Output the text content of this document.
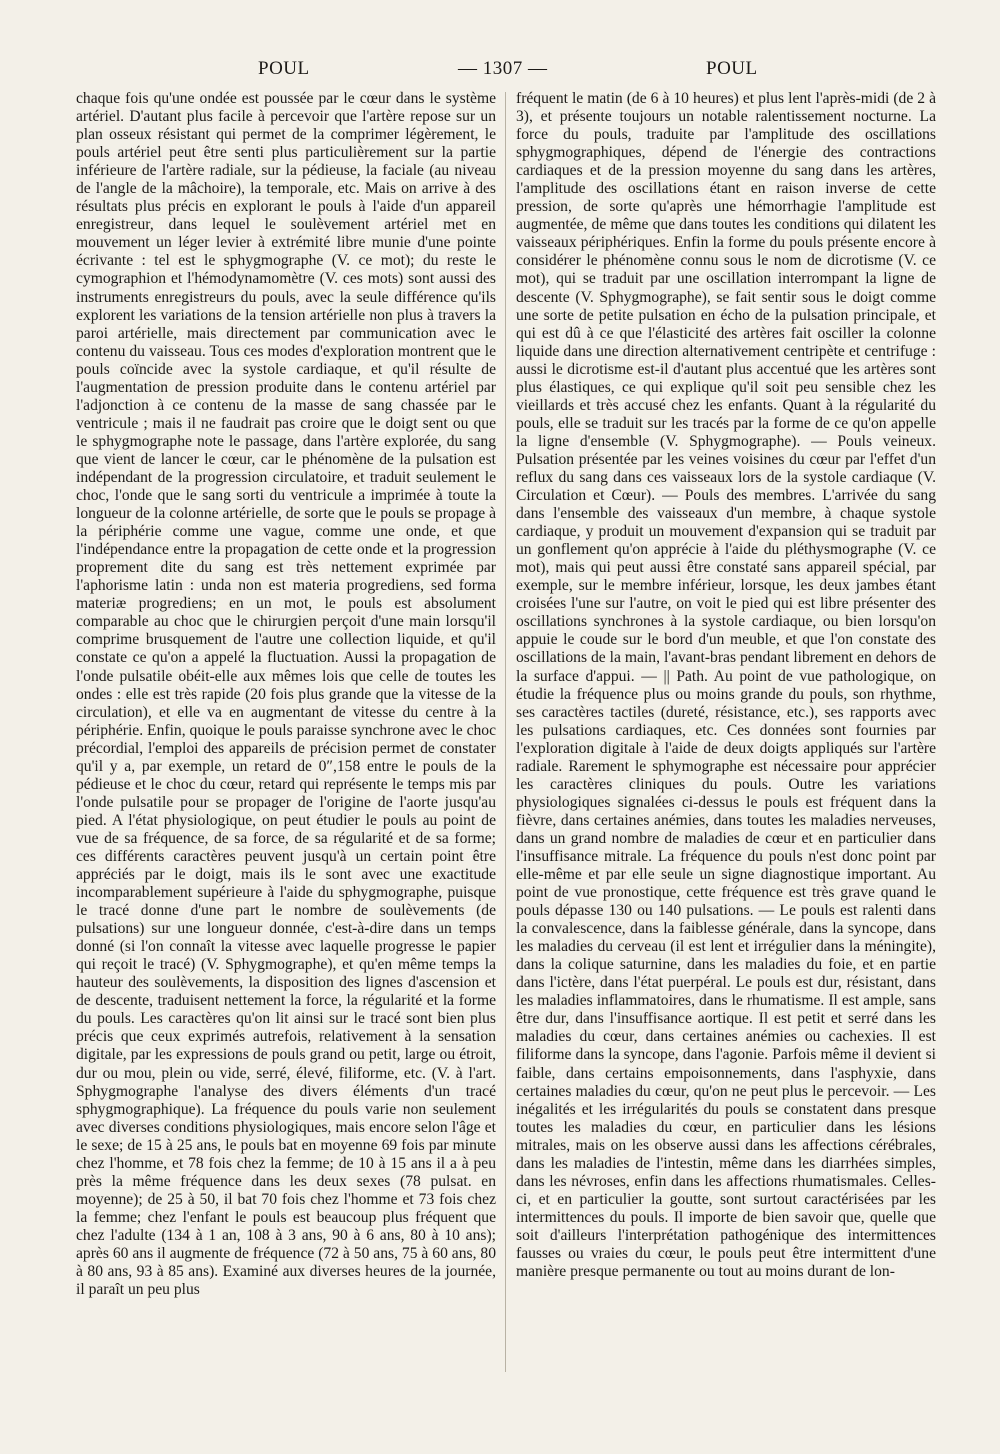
POUL	— 1307 —	POUL

chaque fois qu'une ondée est poussée par le cœur dans le système artériel. D'autant plus facile à percevoir que l'artère repose sur un plan osseux résistant qui permet de la comprimer légèrement, le pouls artériel peut être senti plus particulièrement sur la partie inférieure de l'artère radiale, sur la pédieuse, la faciale (au niveau de l'angle de la mâchoire), la temporale, etc. Mais on arrive à des résultats plus précis en explorant le pouls à l'aide d'un appareil enregistreur, dans lequel le soulèvement artériel met en mouvement un léger levier à extrémité libre munie d'une pointe écrivante : tel est le sphygmographe (V. ce mot); du reste le cymographion et l'hémodynamomètre (V. ces mots) sont aussi des instruments enregistreurs du pouls, avec la seule différence qu'ils explorent les variations de la tension artérielle non plus à travers la paroi artérielle, mais directement par communication avec le contenu du vaisseau. Tous ces modes d'exploration montrent que le pouls coïncide avec la systole cardiaque, et qu'il résulte de l'augmentation de pression produite dans le contenu artériel par l'adjonction à ce contenu de la masse de sang chassée par le ventricule ; mais il ne faudrait pas croire que le doigt sent ou que le sphygmographe note le passage, dans l'artère explorée, du sang que vient de lancer le cœur, car le phénomène de la pulsation est indépendant de la progression circulatoire, et traduit seulement le choc, l'onde que le sang sorti du ventricule a imprimée à toute la longueur de la colonne artérielle, de sorte que le pouls se propage à la périphérie comme une vague, comme une onde, et que l'indépendance entre la propagation de cette onde et la progression proprement dite du sang est très nettement exprimée par l'aphorisme latin : unda non est materia progrediens, sed forma materiæ progrediens; en un mot, le pouls est absolument comparable au choc que le chirurgien perçoit d'une main lorsqu'il comprime brusquement de l'autre une collection liquide, et qu'il constate ce qu'on a appelé la fluctuation. Aussi la propagation de l'onde pulsatile obéit-elle aux mêmes lois que celle de toutes les ondes : elle est très rapide (20 fois plus grande que la vitesse de la circulation), et elle va en augmentant de vitesse du centre à la périphérie. Enfin, quoique le pouls paraisse synchrone avec le choc précordial, l'emploi des appareils de précision permet de constater qu'il y a, par exemple, un retard de 0″,158 entre le pouls de la pédieuse et le choc du cœur, retard qui représente le temps mis par l'onde pulsatile pour se propager de l'origine de l'aorte jusqu'au pied. A l'état physiologique, on peut étudier le pouls au point de vue de sa fréquence, de sa force, de sa régularité et de sa forme; ces différents caractères peuvent jusqu'à un certain point être appréciés par le doigt, mais ils le sont avec une exactitude incomparablement supérieure à l'aide du sphygmographe, puisque le tracé donne d'une part le nombre de soulèvements (de pulsations) sur une longueur donnée, c'est-à-dire dans un temps donné (si l'on connaît la vitesse avec laquelle progresse le papier qui reçoit le tracé) (V. Sphygmographe), et qu'en même temps la hauteur des soulèvements, la disposition des lignes d'ascension et de descente, traduisent nettement la force, la régularité et la forme du pouls. Les caractères qu'on lit ainsi sur le tracé sont bien plus précis que ceux exprimés autrefois, relativement à la sensation digitale, par les expressions de pouls grand ou petit, large ou étroit, dur ou mou, plein ou vide, serré, élevé, filiforme, etc. (V. à l'art. Sphygmographe l'analyse des divers éléments d'un tracé sphygmographique). La fréquence du pouls varie non seulement avec diverses conditions physiologiques, mais encore selon l'âge et le sexe; de 15 à 25 ans, le pouls bat en moyenne 69 fois par minute chez l'homme, et 78 fois chez la femme; de 10 à 15 ans il a à peu près la même fréquence dans les deux sexes (78 pulsat. en moyenne); de 25 à 50, il bat 70 fois chez l'homme et 73 fois chez la femme; chez l'enfant le pouls est beaucoup plus fréquent que chez l'adulte (134 à 1 an, 108 à 3 ans, 90 à 6 ans, 80 à 10 ans); après 60 ans il augmente de fréquence (72 à 50 ans, 75 à 60 ans, 80 à 80 ans, 93 à 85 ans). Examiné aux diverses heures de la journée, il paraît un peu plus

fréquent le matin (de 6 à 10 heures) et plus lent l'après-midi (de 2 à 3), et présente toujours un notable ralentissement nocturne. La force du pouls, traduite par l'amplitude des oscillations sphygmographiques, dépend de l'énergie des contractions cardiaques et de la pression moyenne du sang dans les artères, l'amplitude des oscillations étant en raison inverse de cette pression, de sorte qu'après une hémorrhagie l'amplitude est augmentée, de même que dans toutes les conditions qui dilatent les vaisseaux périphériques. Enfin la forme du pouls présente encore à considérer le phénomène connu sous le nom de dicrotisme (V. ce mot), qui se traduit par une oscillation interrompant la ligne de descente (V. Sphygmographe), se fait sentir sous le doigt comme une sorte de petite pulsation en écho de la pulsation principale, et qui est dû à ce que l'élasticité des artères fait osciller la colonne liquide dans une direction alternativement centripète et centrifuge : aussi le dicrotisme est-il d'autant plus accentué que les artères sont plus élastiques, ce qui explique qu'il soit peu sensible chez les vieillards et très accusé chez les enfants. Quant à la régularité du pouls, elle se traduit sur les tracés par la forme de ce qu'on appelle la ligne d'ensemble (V. Sphygmographe). — Pouls veineux. Pulsation présentée par les veines voisines du cœur par l'effet d'un reflux du sang dans ces vaisseaux lors de la systole cardiaque (V. Circulation et Cœur). — Pouls des membres. L'arrivée du sang dans l'ensemble des vaisseaux d'un membre, à chaque systole cardiaque, y produit un mouvement d'expansion qui se traduit par un gonflement qu'on apprécie à l'aide du pléthysmographe (V. ce mot), mais qui peut aussi être constaté sans appareil spécial, par exemple, sur le membre inférieur, lorsque, les deux jambes étant croisées l'une sur l'autre, on voit le pied qui est libre présenter des oscillations synchrones à la systole cardiaque, ou bien lorsqu'on appuie le coude sur le bord d'un meuble, et que l'on constate des oscillations de la main, l'avant-bras pendant librement en dehors de la surface d'appui. — || Path. Au point de vue pathologique, on étudie la fréquence plus ou moins grande du pouls, son rhythme, ses caractères tactiles (dureté, résistance, etc.), ses rapports avec les pulsations cardiaques, etc. Ces données sont fournies par l'exploration digitale à l'aide de deux doigts appliqués sur l'artère radiale. Rarement le sphymographe est nécessaire pour apprécier les caractères cliniques du pouls. Outre les variations physiologiques signalées ci-dessus le pouls est fréquent dans la fièvre, dans certaines anémies, dans toutes les maladies nerveuses, dans un grand nombre de maladies de cœur et en particulier dans l'insuffisance mitrale. La fréquence du pouls n'est donc point par elle-même et par elle seule un signe diagnostique important. Au point de vue pronostique, cette fréquence est très grave quand le pouls dépasse 130 ou 140 pulsations. — Le pouls est ralenti dans la convalescence, dans la faiblesse générale, dans la syncope, dans les maladies du cerveau (il est lent et irrégulier dans la méningite), dans la colique saturnine, dans les maladies du foie, et en partie dans l'ictère, dans l'état puerpéral. Le pouls est dur, résistant, dans les maladies inflammatoires, dans le rhumatisme. Il est ample, sans être dur, dans l'insuffisance aortique. Il est petit et serré dans les maladies du cœur, dans certaines anémies ou cachexies. Il est filiforme dans la syncope, dans l'agonie. Parfois même il devient si faible, dans certains empoisonnements, dans l'asphyxie, dans certaines maladies du cœur, qu'on ne peut plus le percevoir. — Les inégalités et les irrégularités du pouls se constatent dans presque toutes les maladies du cœur, en particulier dans les lésions mitrales, mais on les observe aussi dans les affections cérébrales, dans les maladies de l'intestin, même dans les diarrhées simples, dans les névroses, enfin dans les affections rhumatismales. Celles-ci, et en particulier la goutte, sont surtout caractérisées par les intermittences du pouls. Il importe de bien savoir que, quelle que soit d'ailleurs l'interprétation pathogénique des intermittences fausses ou vraies du cœur, le pouls peut être intermittent d'une manière presque permanente ou tout au moins durant de lon-
